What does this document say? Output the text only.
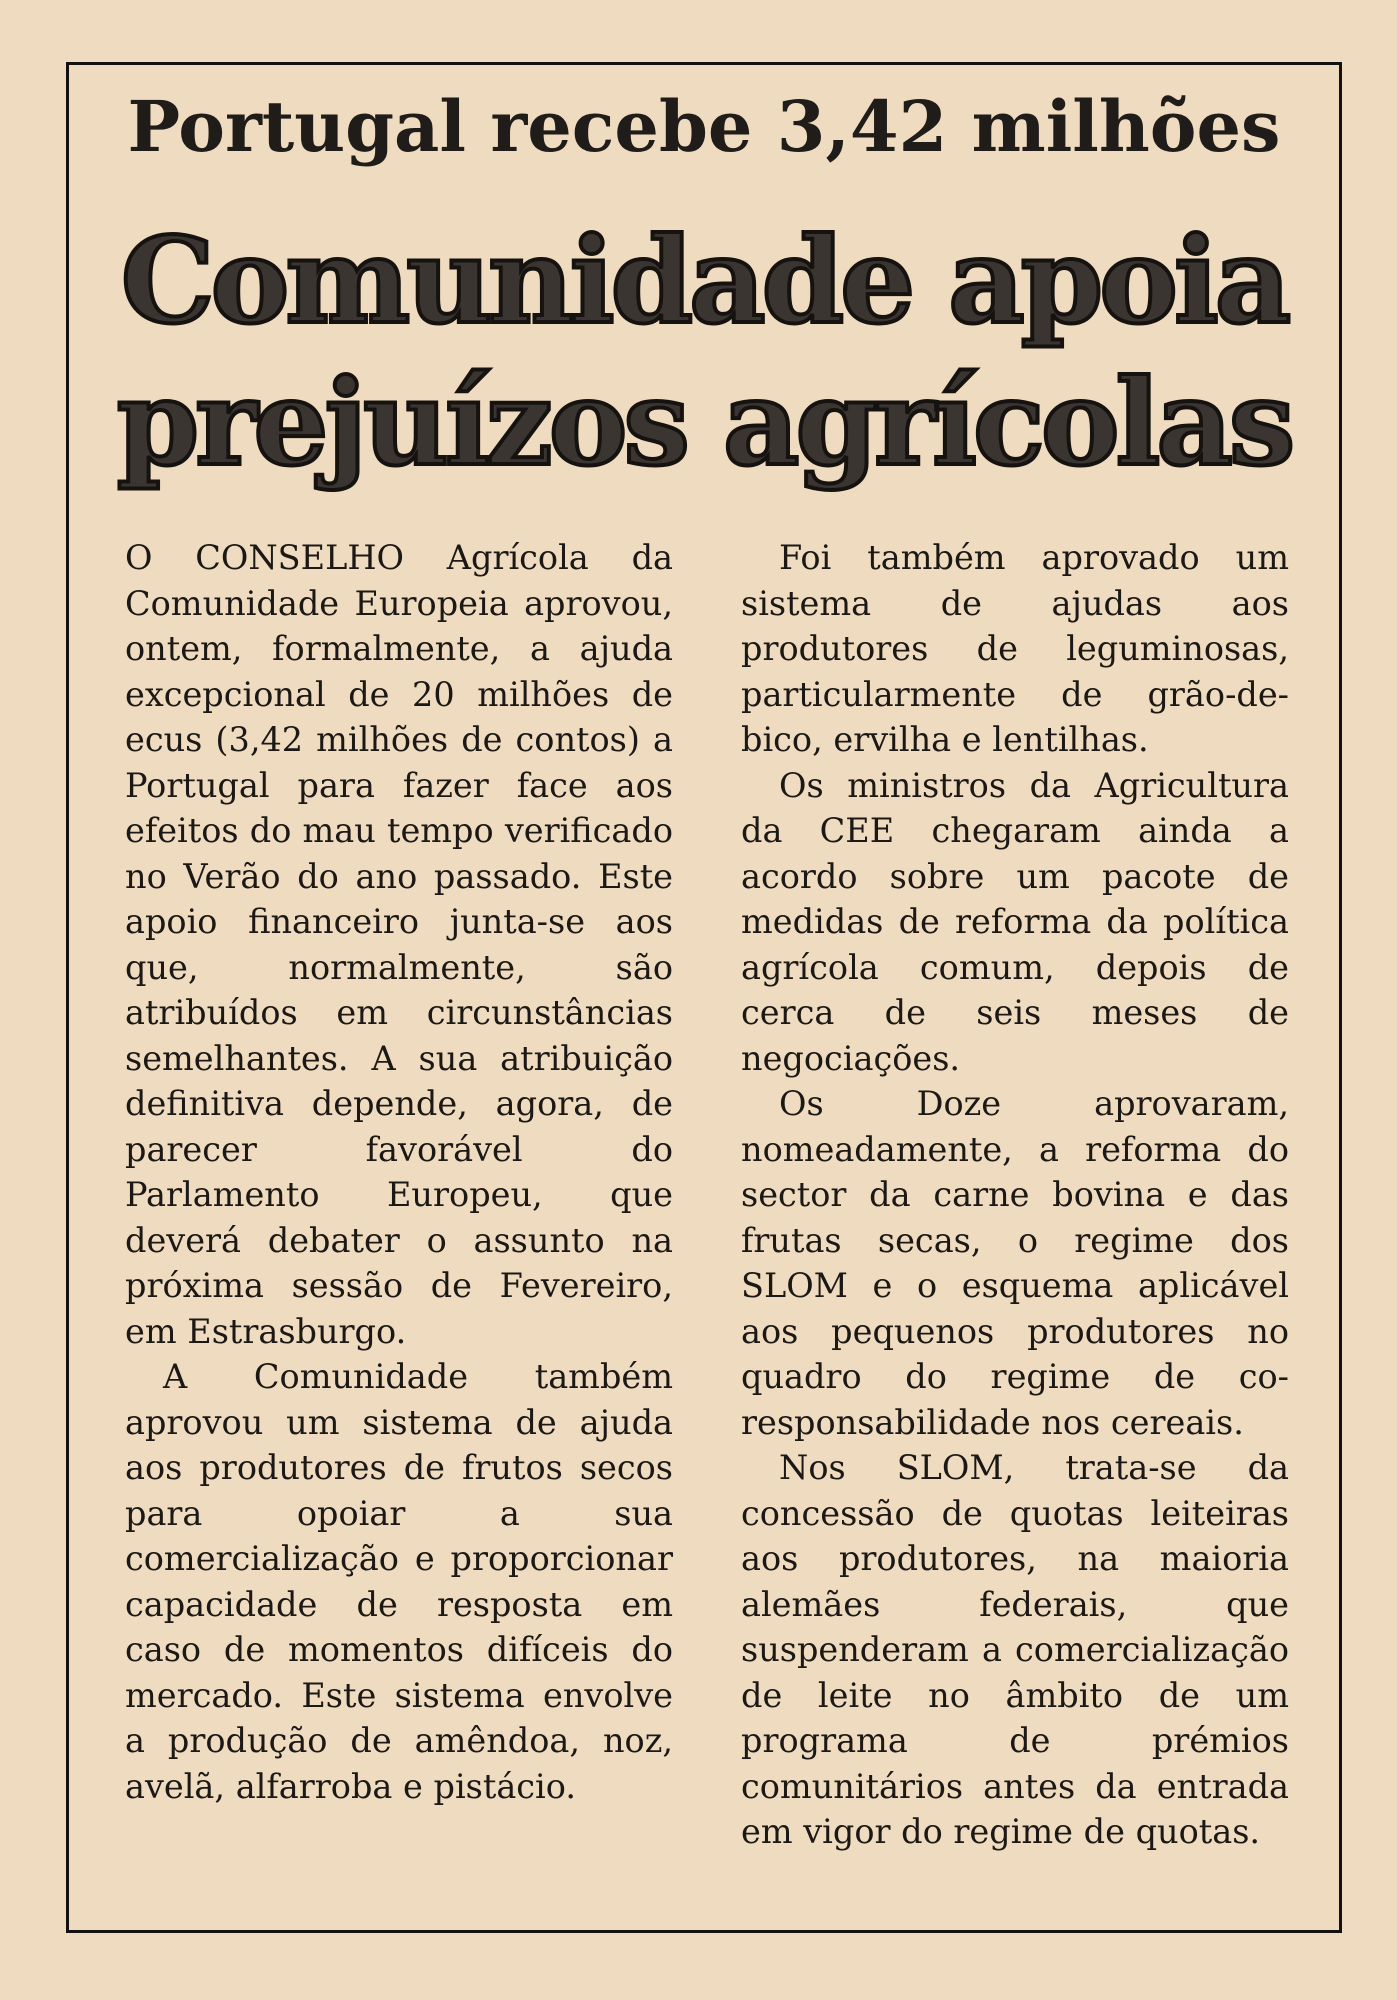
Portugal recebe 3,42 milhões
Comunidade apoia
prejuízos agrícolas

O CONSELHO Agrícola da Comunidade Europeia aprovou, ontem, formalmente, a ajuda excepcional de 20 milhões de ecus (3,42 milhões de contos) a Portugal para fazer face aos efeitos do mau tempo verificado no Verão do ano passado. Este apoio financeiro junta-se aos que, normalmente, são atribuídos em circunstâncias semelhantes. A sua atribuição definitiva depende, agora, de parecer favorável do Parlamento Europeu, que deverá debater o assunto na próxima sessão de Fevereiro, em Estrasburgo.

A Comunidade também aprovou um sistema de ajuda aos produtores de frutos secos para opoiar a sua comercialização e proporcionar capacidade de resposta em caso de momentos difíceis do mercado. Este sistema envolve a produção de amêndoa, noz, avelã, alfarroba e pistácio.

Foi também aprovado um sistema de ajudas aos produtores de leguminosas, particularmente de grão-de-bico, ervilha e lentilhas.

Os ministros da Agricultura da CEE chegaram ainda a acordo sobre um pacote de medidas de reforma da política agrícola comum, depois de cerca de seis meses de negociações.

Os Doze aprovaram, nomeadamente, a reforma do sector da carne bovina e das frutas secas, o regime dos SLOM e o esquema aplicável aos pequenos produtores no quadro do regime de co-responsabilidade nos cereais.

Nos SLOM, trata-se da concessão de quotas leiteiras aos produtores, na maioria alemães federais, que suspenderam a comercialização de leite no âmbito de um programa de prémios comunitários antes da entrada em vigor do regime de quotas.
